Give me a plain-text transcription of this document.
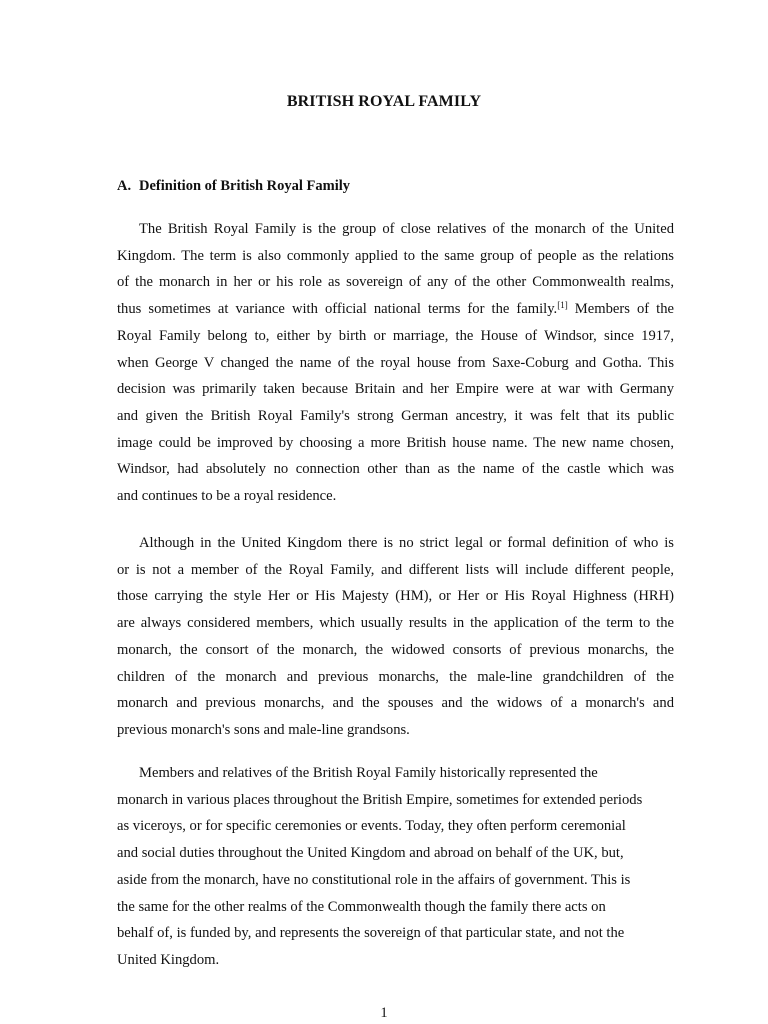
BRITISH ROYAL FAMILY
A. Definition of British Royal Family
The British Royal Family is the group of close relatives of the monarch of the United
Kingdom. The term is also commonly applied to the same group of people as the relations
of the monarch in her or his role as sovereign of any of the other Commonwealth realms,
thus sometimes at variance with official national terms for the family.[1] Members of the
Royal Family belong to, either by birth or marriage, the House of Windsor, since 1917,
when George V changed the name of the royal house from Saxe-Coburg and Gotha. This
decision was primarily taken because Britain and her Empire were at war with Germany
and given the British Royal Family's strong German ancestry, it was felt that its public
image could be improved by choosing a more British house name. The new name chosen,
Windsor, had absolutely no connection other than as the name of the castle which was
and continues to be a royal residence.
Although in the United Kingdom there is no strict legal or formal definition of who is
or is not a member of the Royal Family, and different lists will include different people,
those carrying the style Her or His Majesty (HM), or Her or His Royal Highness (HRH)
are always considered members, which usually results in the application of the term to the
monarch, the consort of the monarch, the widowed consorts of previous monarchs, the
children of the monarch and previous monarchs, the male-line grandchildren of the
monarch and previous monarchs, and the spouses and the widows of a monarch's and
previous monarch's sons and male-line grandsons.
Members and relatives of the British Royal Family historically represented the
monarch in various places throughout the British Empire, sometimes for extended periods
as viceroys, or for specific ceremonies or events. Today, they often perform ceremonial
and social duties throughout the United Kingdom and abroad on behalf of the UK, but,
aside from the monarch, have no constitutional role in the affairs of government. This is
the same for the other realms of the Commonwealth though the family there acts on
behalf of, is funded by, and represents the sovereign of that particular state, and not the
United Kingdom.
1
